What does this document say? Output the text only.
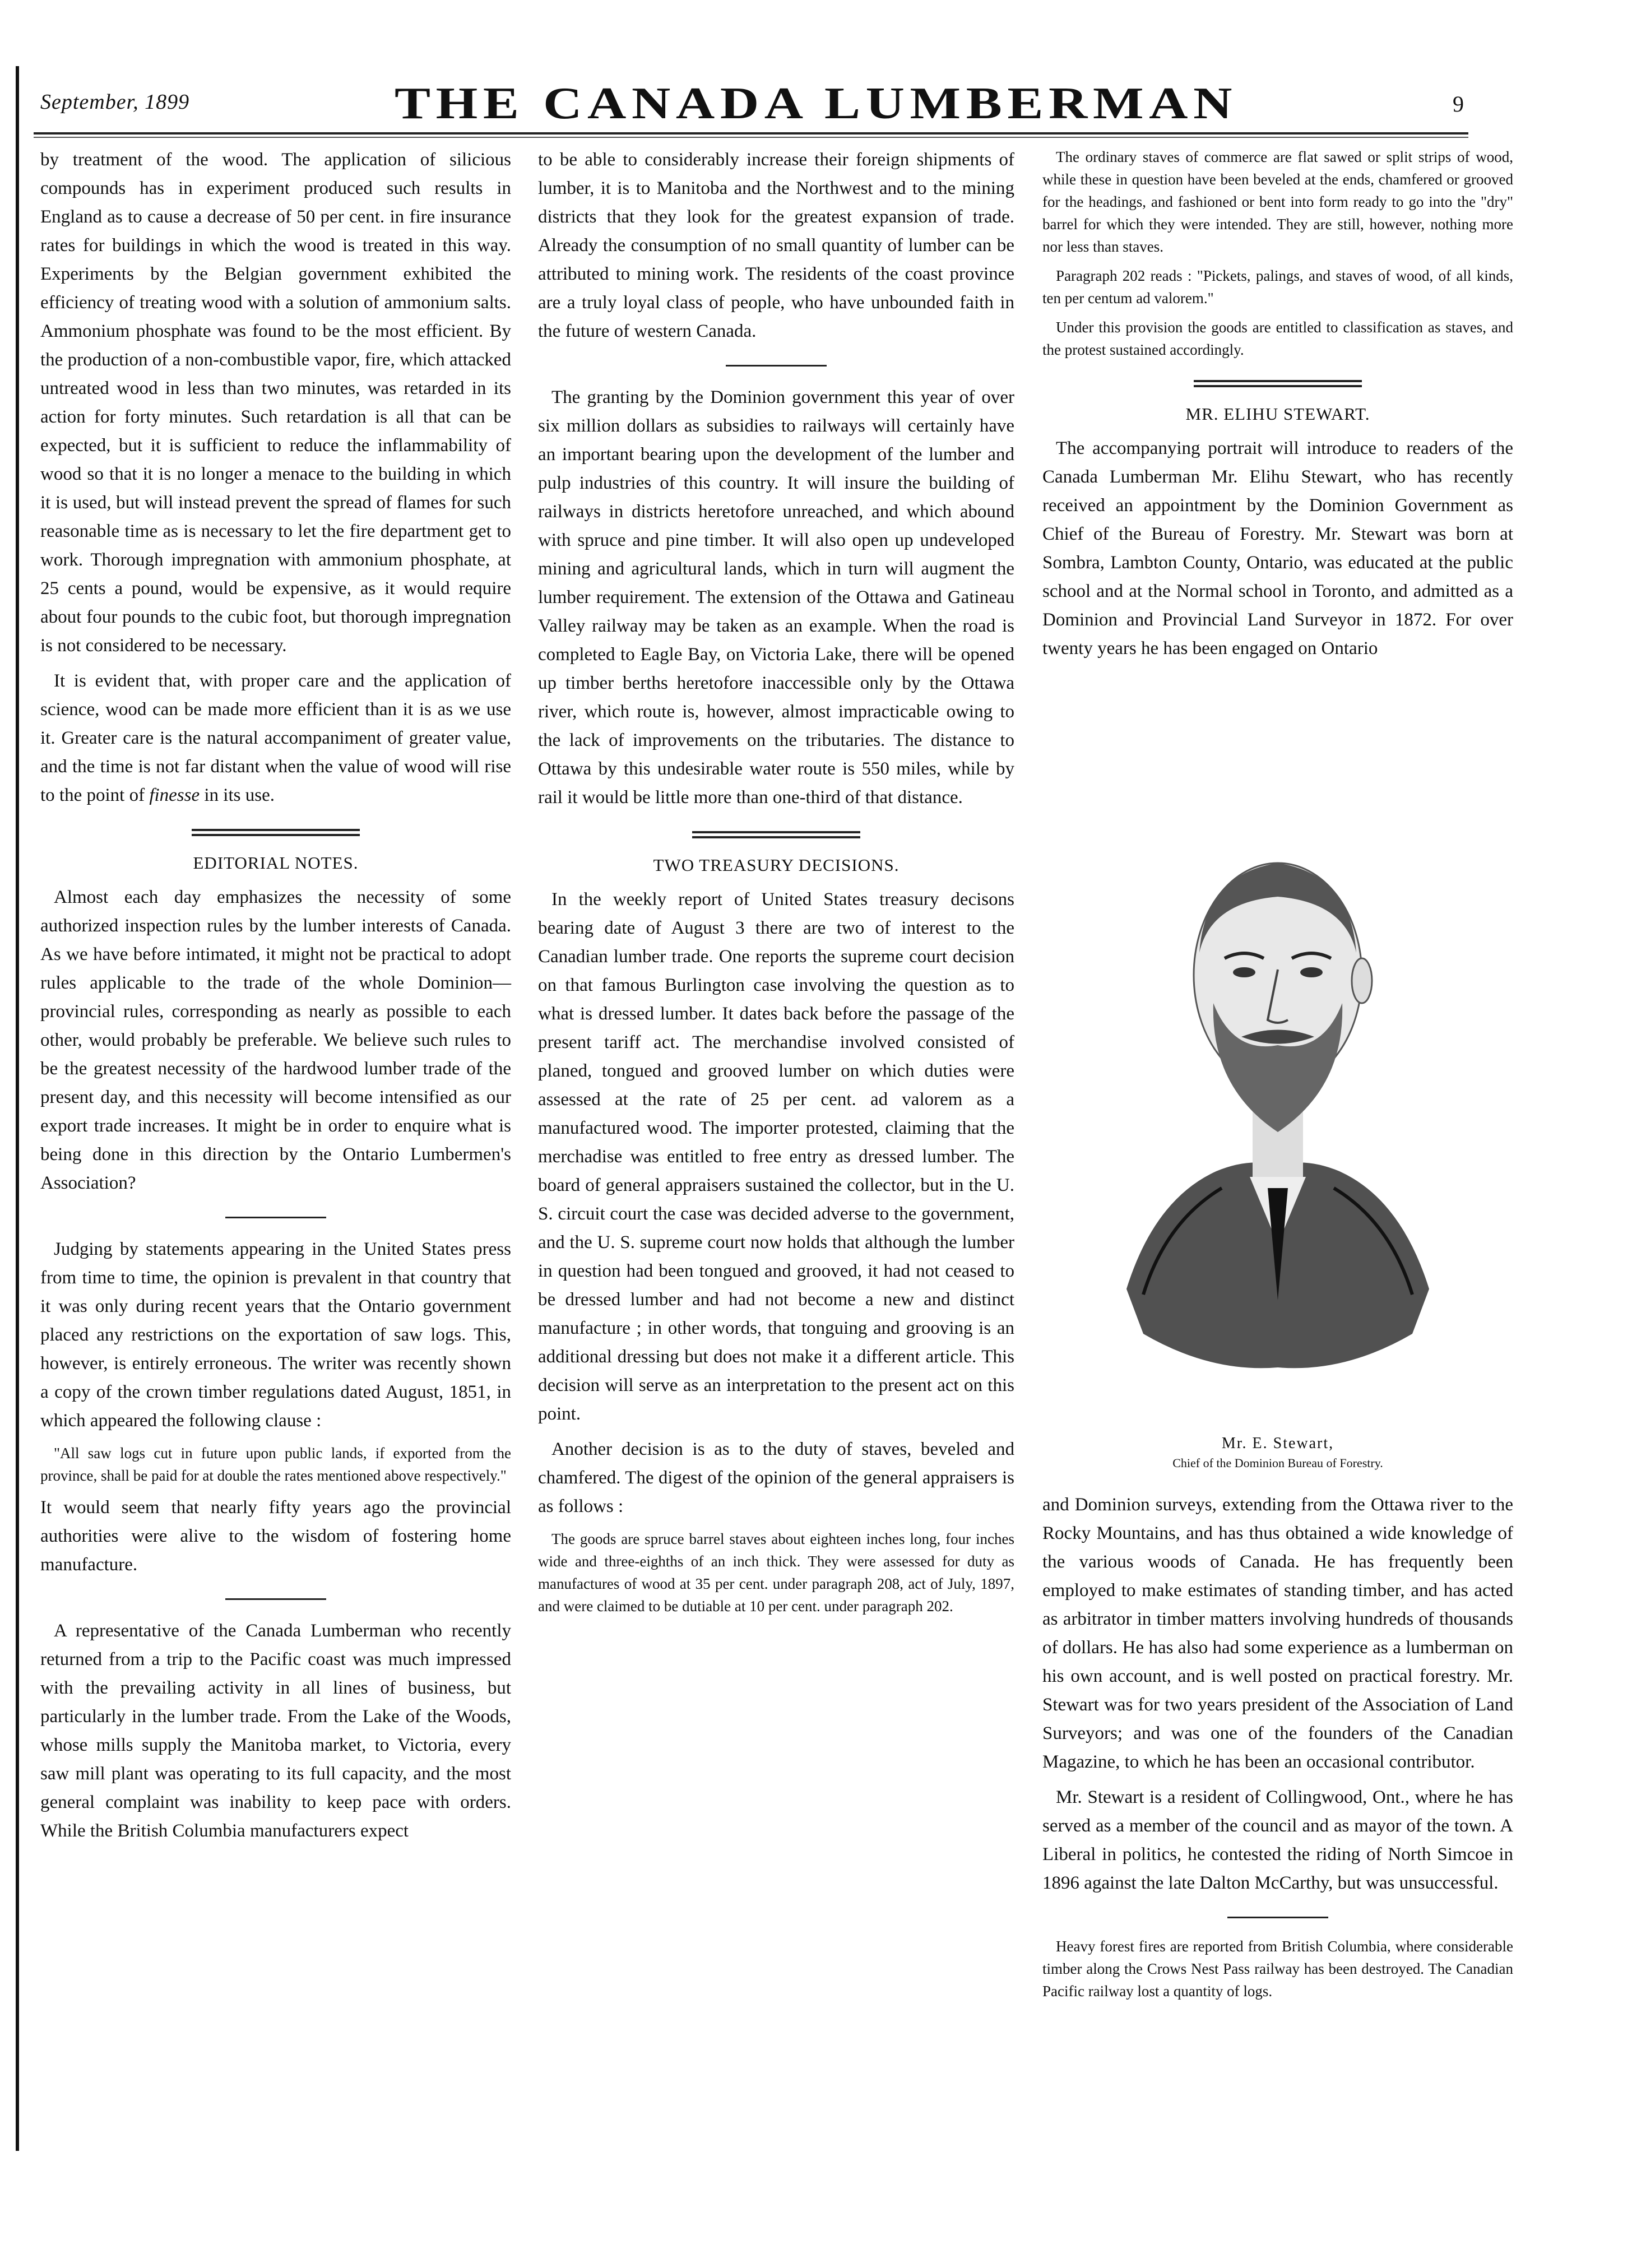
September, 1899	THE CANADA LUMBERMAN	9

by treatment of the wood. The application of silicious compounds has in experiment produced such results in England as to cause a decrease of 50 per cent. in fire insurance rates for buildings in which the wood is treated in this way. Experiments by the Belgian government exhibited the efficiency of treating wood with a solution of ammonium salts. Ammonium phosphate was found to be the most efficient. By the production of a non-combustible vapor, fire, which attacked untreated wood in less than two minutes, was retarded in its action for forty minutes. Such retardation is all that can be expected, but it is sufficient to reduce the inflammability of wood so that it is no longer a menace to the building in which it is used, but will instead prevent the spread of flames for such reasonable time as is necessary to let the fire department get to work. Thorough impregnation with ammonium phosphate, at 25 cents a pound, would be expensive, as it would require about four pounds to the cubic foot, but thorough impregnation is not considered to be necessary.

It is evident that, with proper care and the application of science, wood can be made more efficient than it is as we use it. Greater care is the natural accompaniment of greater value, and the time is not far distant when the value of wood will rise to the point of finesse in its use.

EDITORIAL NOTES.

Almost each day emphasizes the necessity of some authorized inspection rules by the lumber interests of Canada. As we have before intimated, it might not be practical to adopt rules applicable to the trade of the whole Dominion—provincial rules, corresponding as nearly as possible to each other, would probably be preferable. We believe such rules to be the greatest necessity of the hardwood lumber trade of the present day, and this necessity will become intensified as our export trade increases. It might be in order to enquire what is being done in this direction by the Ontario Lumbermen's Association?

Judging by statements appearing in the United States press from time to time, the opinion is prevalent in that country that it was only during recent years that the Ontario government placed any restrictions on the exportation of saw logs. This, however, is entirely erroneous. The writer was recently shown a copy of the crown timber regulations dated August, 1851, in which appeared the following clause :

"All saw logs cut in future upon public lands, if exported from the province, shall be paid for at double the rates mentioned above respectively."

It would seem that nearly fifty years ago the provincial authorities were alive to the wisdom of fostering home manufacture.

A representative of the Canada Lumberman who recently returned from a trip to the Pacific coast was much impressed with the prevailing activity in all lines of business, but particularly in the lumber trade. From the Lake of the Woods, whose mills supply the Manitoba market, to Victoria, every saw mill plant was operating to its full capacity, and the most general complaint was inability to keep pace with orders. While the British Columbia manufacturers expect

to be able to considerably increase their foreign shipments of lumber, it is to Manitoba and the Northwest and to the mining districts that they look for the greatest expansion of trade. Already the consumption of no small quantity of lumber can be attributed to mining work. The residents of the coast province are a truly loyal class of people, who have unbounded faith in the future of western Canada.

The granting by the Dominion government this year of over six million dollars as subsidies to railways will certainly have an important bearing upon the development of the lumber and pulp industries of this country. It will insure the building of railways in districts heretofore unreached, and which abound with spruce and pine timber. It will also open up undeveloped mining and agricultural lands, which in turn will augment the lumber requirement. The extension of the Ottawa and Gatineau Valley railway may be taken as an example. When the road is completed to Eagle Bay, on Victoria Lake, there will be opened up timber berths heretofore inaccessible only by the Ottawa river, which route is, however, almost impracticable owing to the lack of improvements on the tributaries. The distance to Ottawa by this undesirable water route is 550 miles, while by rail it would be little more than one-third of that distance.

TWO TREASURY DECISIONS.

In the weekly report of United States treasury decisons bearing date of August 3 there are two of interest to the Canadian lumber trade. One reports the supreme court decision on that famous Burlington case involving the question as to what is dressed lumber. It dates back before the passage of the present tariff act. The merchandise involved consisted of planed, tongued and grooved lumber on which duties were assessed at the rate of 25 per cent. ad valorem as a manufactured wood. The importer protested, claiming that the merchadise was entitled to free entry as dressed lumber. The board of general appraisers sustained the collector, but in the U. S. circuit court the case was decided adverse to the government, and the U. S. supreme court now holds that although the lumber in question had been tongued and grooved, it had not ceased to be dressed lumber and had not become a new and distinct manufacture ; in other words, that tonguing and grooving is an additional dressing but does not make it a different article. This decision will serve as an interpretation to the present act on this point.

Another decision is as to the duty of staves, beveled and chamfered. The digest of the opinion of the general appraisers is as follows :

The goods are spruce barrel staves about eighteen inches long, four inches wide and three-eighths of an inch thick. They were assessed for duty as manufactures of wood at 35 per cent. under paragraph 208, act of July, 1897, and were claimed to be dutiable at 10 per cent. under paragraph 202.

The ordinary staves of commerce are flat sawed or split strips of wood, while these in question have been beveled at the ends, chamfered or grooved for the headings, and fashioned or bent into form ready to go into the "dry" barrel for which they were intended. They are still, however, nothing more nor less than staves.

Paragraph 202 reads : "Pickets, palings, and staves of wood, of all kinds, ten per centum ad valorem."

Under this provision the goods are entitled to classification as staves, and the protest sustained accordingly.

MR. ELIHU STEWART.

The accompanying portrait will introduce to readers of the Canada Lumberman Mr. Elihu Stewart, who has recently received an appointment by the Dominion Government as Chief of the Bureau of Forestry. Mr. Stewart was born at Sombra, Lambton County, Ontario, was educated at the public school and at the Normal school in Toronto, and admitted as a Dominion and Provincial Land Surveyor in 1872. For over twenty years he has been engaged on Ontario

Mr. E. Stewart,
Chief of the Dominion Bureau of Forestry.

and Dominion surveys, extending from the Ottawa river to the Rocky Mountains, and has thus obtained a wide knowledge of the various woods of Canada. He has frequently been employed to make estimates of standing timber, and has acted as arbitrator in timber matters involving hundreds of thousands of dollars. He has also had some experience as a lumberman on his own account, and is well posted on practical forestry. Mr. Stewart was for two years president of the Association of Land Surveyors; and was one of the founders of the Canadian Magazine, to which he has been an occasional contributor.

Mr. Stewart is a resident of Collingwood, Ont., where he has served as a member of the council and as mayor of the town. A Liberal in politics, he contested the riding of North Simcoe in 1896 against the late Dalton McCarthy, but was unsuccessful.

Heavy forest fires are reported from British Columbia, where considerable timber along the Crows Nest Pass railway has been destroyed. The Canadian Pacific railway lost a quantity of logs.
